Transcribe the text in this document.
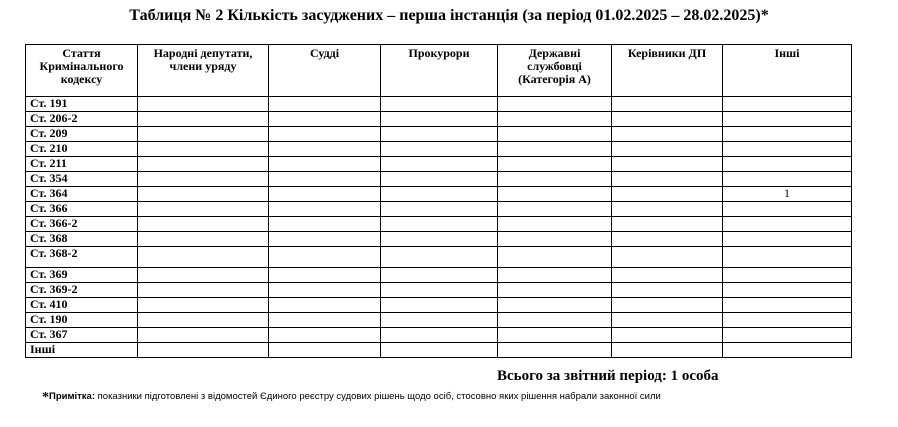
Таблиця № 2 Кількість засуджених – перша інстанція (за період 01.02.2025 – 28.02.2025)*
Стаття Кримінального кодексу	Народні депутати, члени уряду	Судді	Прокурори	Державні службовці (Категорія А)	Керівники ДП	Інші
Ст. 191						
Ст. 206-2						
Ст. 209						
Ст. 210						
Ст. 211						
Ст. 354						
Ст. 364						1
Ст. 366						
Ст. 366-2						
Ст. 368						
Ст. 368-2						
Ст. 369						
Ст. 369-2						
Ст. 410						
Ст. 190						
Ст. 367						
Інші						
Всього за звітний період: 1 особа
*Примітка: показники підготовлені з відомостей Єдиного реєстру судових рішень щодо осіб, стосовно яких рішення набрали законної сили
